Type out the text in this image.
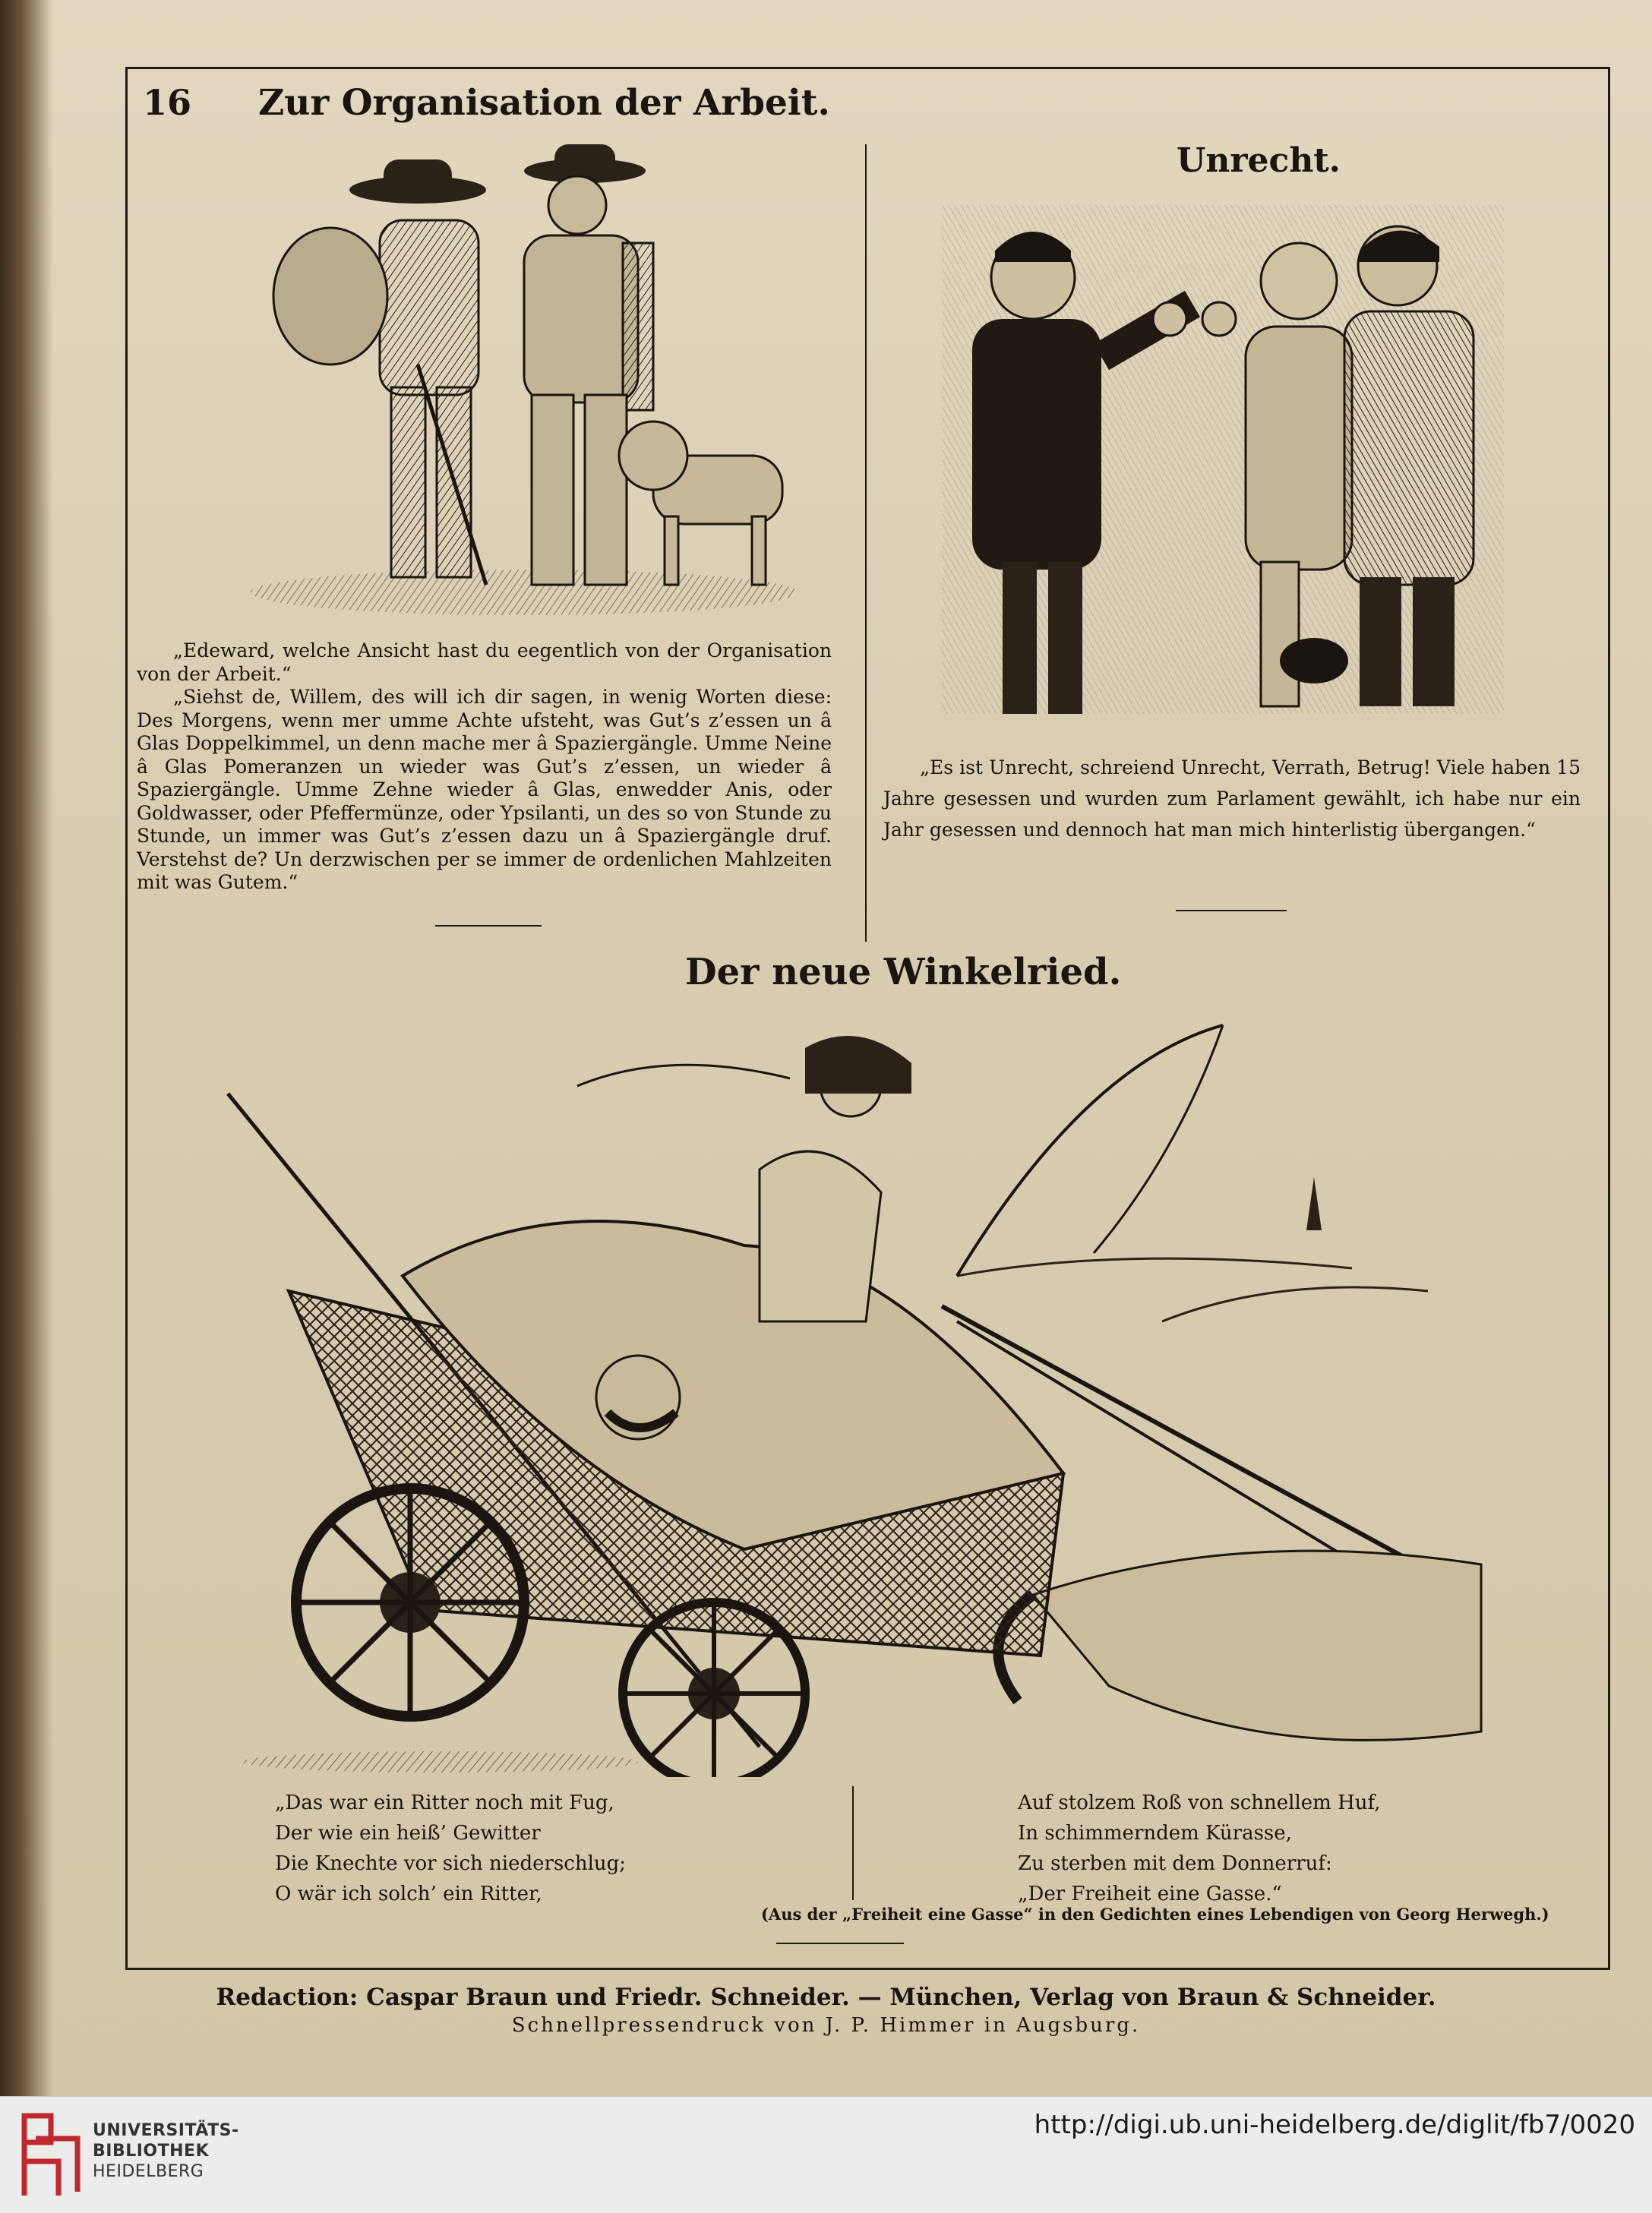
16 Zur Organisation der Arbeit.

„Edeward, welche Ansicht hast du eegentlich von der Organisation von der Arbeit.“

„Siehst de, Willem, des will ich dir sagen, in wenig Worten diese: Des Morgens, wenn mer umme Achte ufsteht, was Gut’s z’essen un â Glas Doppelkimmel, un denn mache mer â Spaziergängle. Umme Neine â Glas Pomeranzen un wieder was Gut’s z’essen, un wieder â Spaziergängle. Umme Zehne wieder â Glas, enwedder Anis, oder Goldwasser, oder Pfeffermünze, oder Ypsilanti, un des so von Stunde zu Stunde, un immer was Gut’s z’essen dazu un â Spaziergängle druf. Verstehst de? Un derzwischen per se immer de ordenlichen Mahlzeiten mit was Gutem.“

Unrecht.

„Es ist Unrecht, schreiend Unrecht, Verrath, Betrug! Viele haben 15 Jahre gesessen und wurden zum Parlament gewählt, ich habe nur ein Jahr gesessen und dennoch hat man mich hinterlistig übergangen.“

Der neue Winkelried.
„Das war ein Ritter noch mit Fug,
Der wie ein heiß’ Gewitter
Die Knechte vor sich niederschlug;
O wär ich solch’ ein Ritter,
Auf stolzem Roß von schnellem Huf,
In schimmerndem Kürasse,
Zu sterben mit dem Donnerruf:
„Der Freiheit eine Gasse.“
(Aus der „Freiheit eine Gasse“ in den Gedichten eines Lebendigen von Georg Herwegh.)
Redaction: Caspar Braun und Friedr. Schneider. — München, Verlag von Braun & Schneider.
Schnellpressendruck von J. P. Himmer in Augsburg.
UNIVERSITÄTS-
BIBLIOTHEK
HEIDELBERG
http://digi.ub.uni-heidelberg.de/diglit/fb7/0020
